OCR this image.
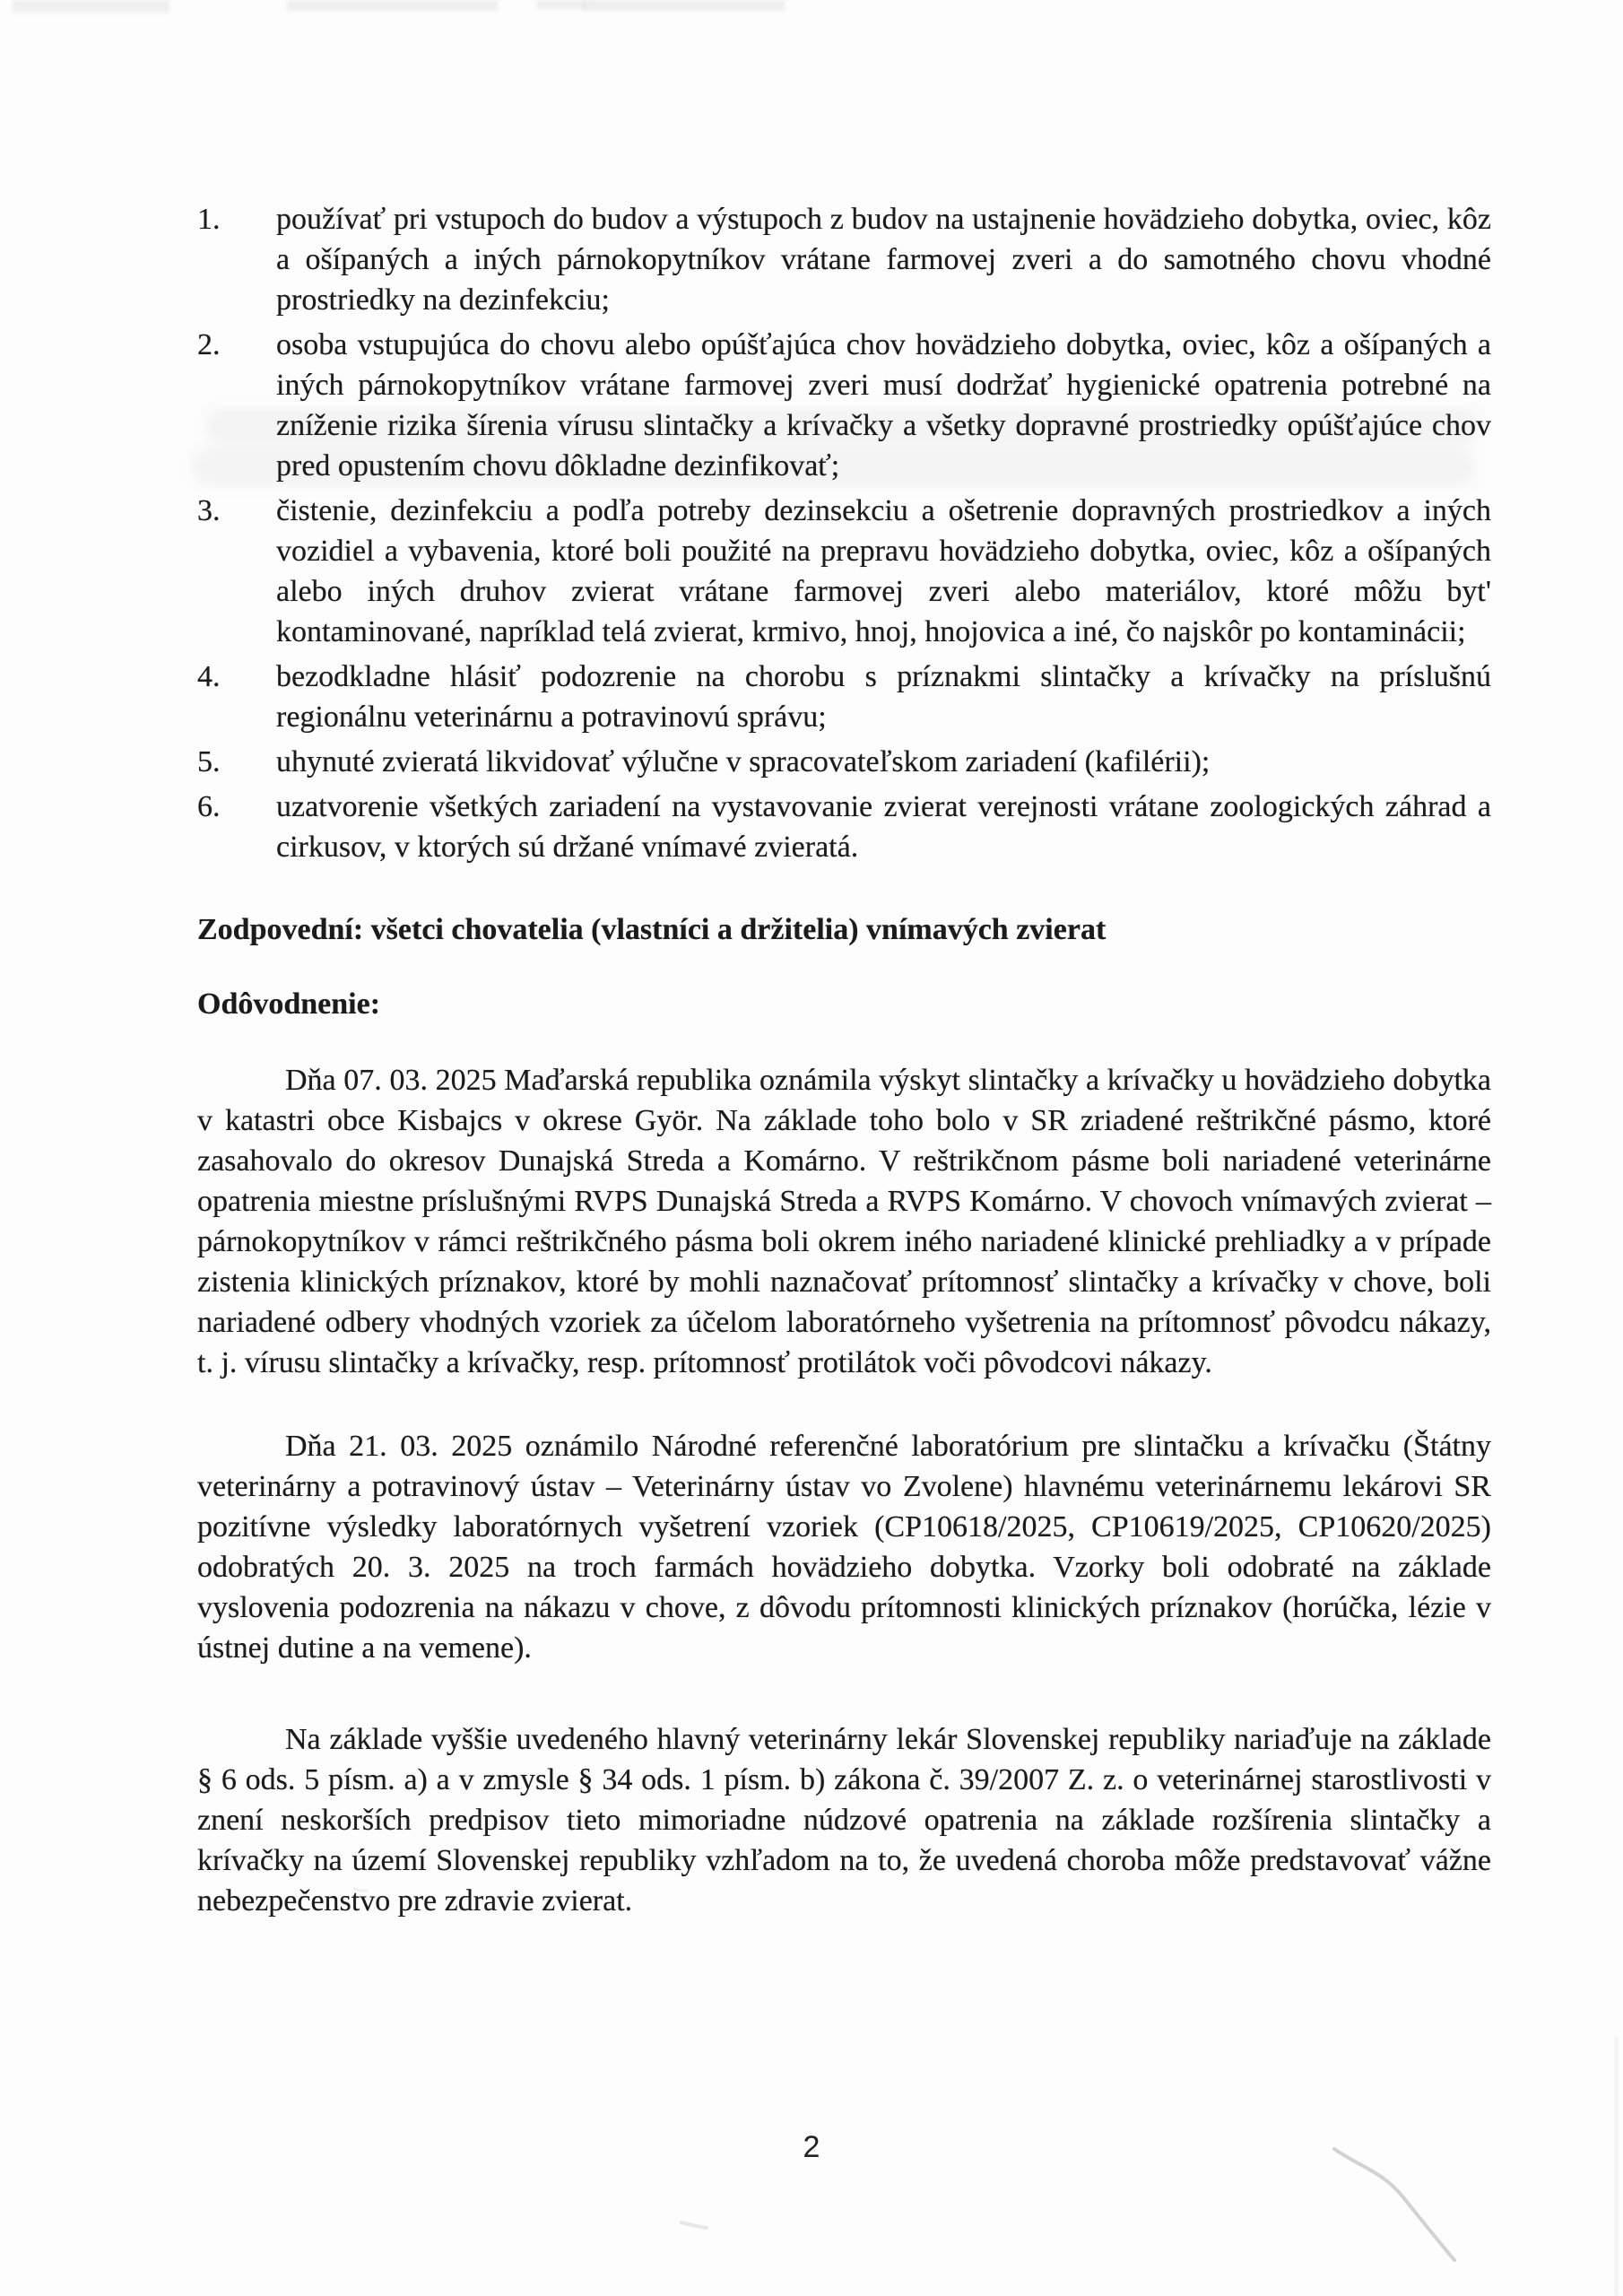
1. používať pri vstupoch do budov a výstupoch z budov na ustajnenie hovädzieho dobytka, oviec, kôz a ošípaných a iných párnokopytníkov vrátane farmovej zveri a do samotného chovu vhodné prostriedky na dezinfekciu;
2. osoba vstupujúca do chovu alebo opúšťajúca chov hovädzieho dobytka, oviec, kôz a ošípaných a iných párnokopytníkov vrátane farmovej zveri musí dodržať hygienické opatrenia potrebné na zníženie rizika šírenia vírusu slintačky a krívačky a všetky dopravné prostriedky opúšťajúce chov pred opustením chovu dôkladne dezinfikovať;
3. čistenie, dezinfekciu a podľa potreby dezinsekciu a ošetrenie dopravných prostriedkov a iných vozidiel a vybavenia, ktoré boli použité na prepravu hovädzieho dobytka, oviec, kôz a ošípaných alebo iných druhov zvierat vrátane farmovej zveri alebo materiálov, ktoré môžu byt' kontaminované, napríklad telá zvierat, krmivo, hnoj, hnojovica a iné, čo najskôr po kontaminácii;
4. bezodkladne hlásiť podozrenie na chorobu s príznakmi slintačky a krívačky na príslušnú regionálnu veterinárnu a potravinovú správu;
5. uhynuté zvieratá likvidovať výlučne v spracovateľskom zariadení (kafilérii);
6. uzatvorenie všetkých zariadení na vystavovanie zvierat verejnosti vrátane zoologických záhrad a cirkusov, v ktorých sú držané vnímavé zvieratá.

Zodpovední: všetci chovatelia (vlastníci a držitelia) vnímavých zvierat

Odôvodnenie:

Dňa 07. 03. 2025 Maďarská republika oznámila výskyt slintačky a krívačky u hovädzieho dobytka v katastri obce Kisbajcs v okrese Györ. Na základe toho bolo v SR zriadené reštrikčné pásmo, ktoré zasahovalo do okresov Dunajská Streda a Komárno. V reštrikčnom pásme boli nariadené veterinárne opatrenia miestne príslušnými RVPS Dunajská Streda a RVPS Komárno. V chovoch vnímavých zvierat – párnokopytníkov v rámci reštrikčného pásma boli okrem iného nariadené klinické prehliadky a v prípade zistenia klinických príznakov, ktoré by mohli naznačovať prítomnosť slintačky a krívačky v chove, boli nariadené odbery vhodných vzoriek za účelom laboratórneho vyšetrenia na prítomnosť pôvodcu nákazy, t. j. vírusu slintačky a krívačky, resp. prítomnosť protilátok voči pôvodcovi nákazy.

Dňa 21. 03. 2025 oznámilo Národné referenčné laboratórium pre slintačku a krívačku (Štátny veterinárny a potravinový ústav – Veterinárny ústav vo Zvolene) hlavnému veterinárnemu lekárovi SR pozitívne výsledky laboratórnych vyšetrení vzoriek (CP10618/2025, CP10619/2025, CP10620/2025) odobratých 20. 3. 2025 na troch farmách hovädzieho dobytka. Vzorky boli odobraté na základe vyslovenia podozrenia na nákazu v chove, z dôvodu prítomnosti klinických príznakov (horúčka, lézie v ústnej dutine a na vemene).

Na základe vyššie uvedeného hlavný veterinárny lekár Slovenskej republiky nariaďuje na základe § 6 ods. 5 písm. a) a v zmysle § 34 ods. 1 písm. b) zákona č. 39/2007 Z. z. o veterinárnej starostlivosti v znení neskorších predpisov tieto mimoriadne núdzové opatrenia na základe rozšírenia slintačky a krívačky na území Slovenskej republiky vzhľadom na to, že uvedená choroba môže predstavovať vážne nebezpečenstvo pre zdravie zvierat.

2
